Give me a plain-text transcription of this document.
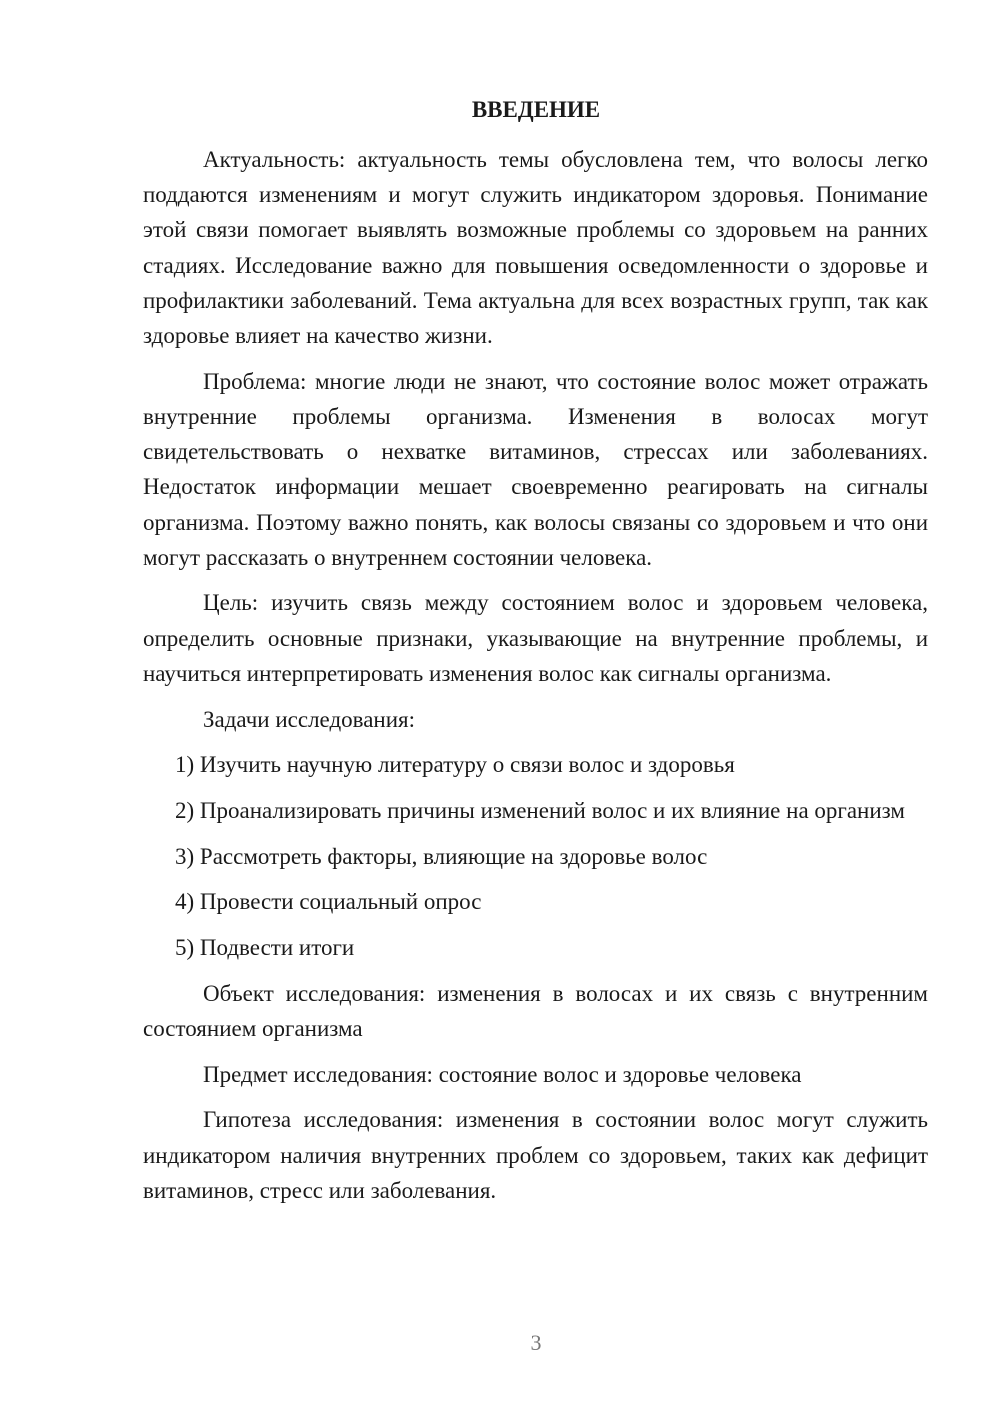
ВВЕДЕНИЕ

Актуальность: актуальность темы обусловлена тем, что волосы легко поддаются изменениям и могут служить индикатором здоровья. Понимание этой связи помогает выявлять возможные проблемы со здоровьем на ранних стадиях. Исследование важно для повышения осведомленности о здоровье и профилактики заболеваний. Тема актуальна для всех возрастных групп, так как здоровье влияет на качество жизни.

Проблема: многие люди не знают, что состояние волос может отражать внутренние проблемы организма. Изменения в волосах могут свидетельствовать о нехватке витаминов, стрессах или заболеваниях. Недостаток информации мешает своевременно реагировать на сигналы организма. Поэтому важно понять, как волосы связаны со здоровьем и что они могут рассказать о внутреннем состоянии человека.

Цель: изучить связь между состоянием волос и здоровьем человека, определить основные признаки, указывающие на внутренние проблемы, и научиться интерпретировать изменения волос как сигналы организма.

Задачи исследования:

1) Изучить научную литературу о связи волос и здоровья

2) Проанализировать причины изменений волос и их влияние на организм

3) Рассмотреть факторы, влияющие на здоровье волос

4) Провести социальный опрос

5) Подвести итоги

Объект исследования: изменения в волосах и их связь с внутренним состоянием организма

Предмет исследования: состояние волос и здоровье человека

Гипотеза исследования: изменения в состоянии волос могут служить индикатором наличия внутренних проблем со здоровьем, таких как дефицит витаминов, стресс или заболевания.

3
